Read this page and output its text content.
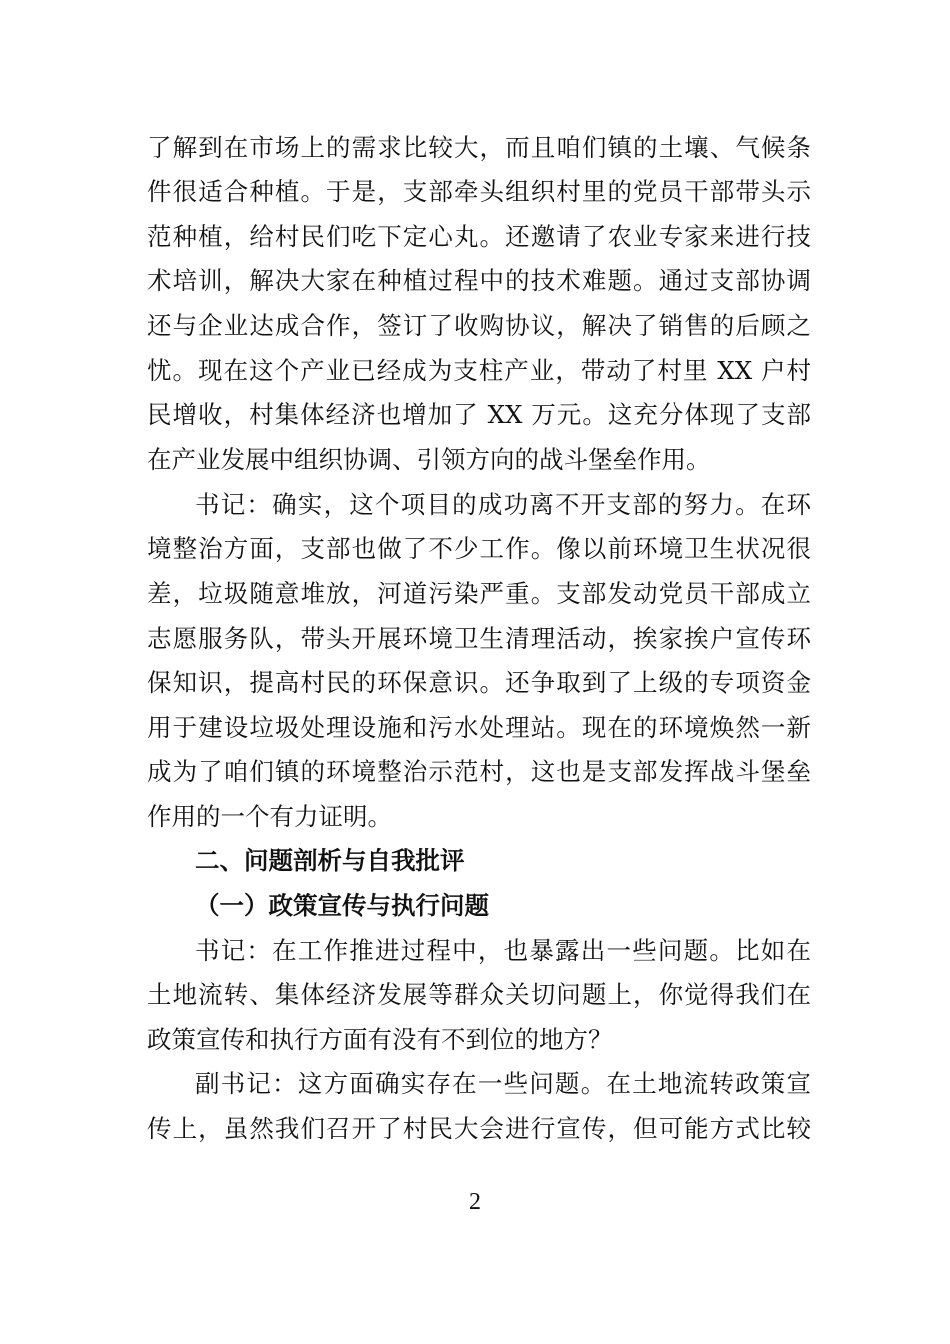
了解到在市场上的需求比较大，而且咱们镇的土壤、气候条
件很适合种植。于是，支部牵头组织村里的党员干部带头示
范种植，给村民们吃下定心丸。还邀请了农业专家来进行技
术培训，解决大家在种植过程中的技术难题。通过支部协调
还与企业达成合作，签订了收购协议，解决了销售的后顾之
忧。现在这个产业已经成为支柱产业，带动了村里 XX 户村
民增收，村集体经济也增加了 XX 万元。这充分体现了支部
在产业发展中组织协调、引领方向的战斗堡垒作用。
书记：确实，这个项目的成功离不开支部的努力。在环
境整治方面，支部也做了不少工作。像以前环境卫生状况很
差，垃圾随意堆放，河道污染严重。支部发动党员干部成立
志愿服务队，带头开展环境卫生清理活动，挨家挨户宣传环
保知识，提高村民的环保意识。还争取到了上级的专项资金
用于建设垃圾处理设施和污水处理站。现在的环境焕然一新
成为了咱们镇的环境整治示范村，这也是支部发挥战斗堡垒
作用的一个有力证明。
二、问题剖析与自我批评
（一）政策宣传与执行问题
书记：在工作推进过程中，也暴露出一些问题。比如在
土地流转、集体经济发展等群众关切问题上，你觉得我们在
政策宣传和执行方面有没有不到位的地方？
副书记：这方面确实存在一些问题。在土地流转政策宣
传上，虽然我们召开了村民大会进行宣传，但可能方式比较
2
